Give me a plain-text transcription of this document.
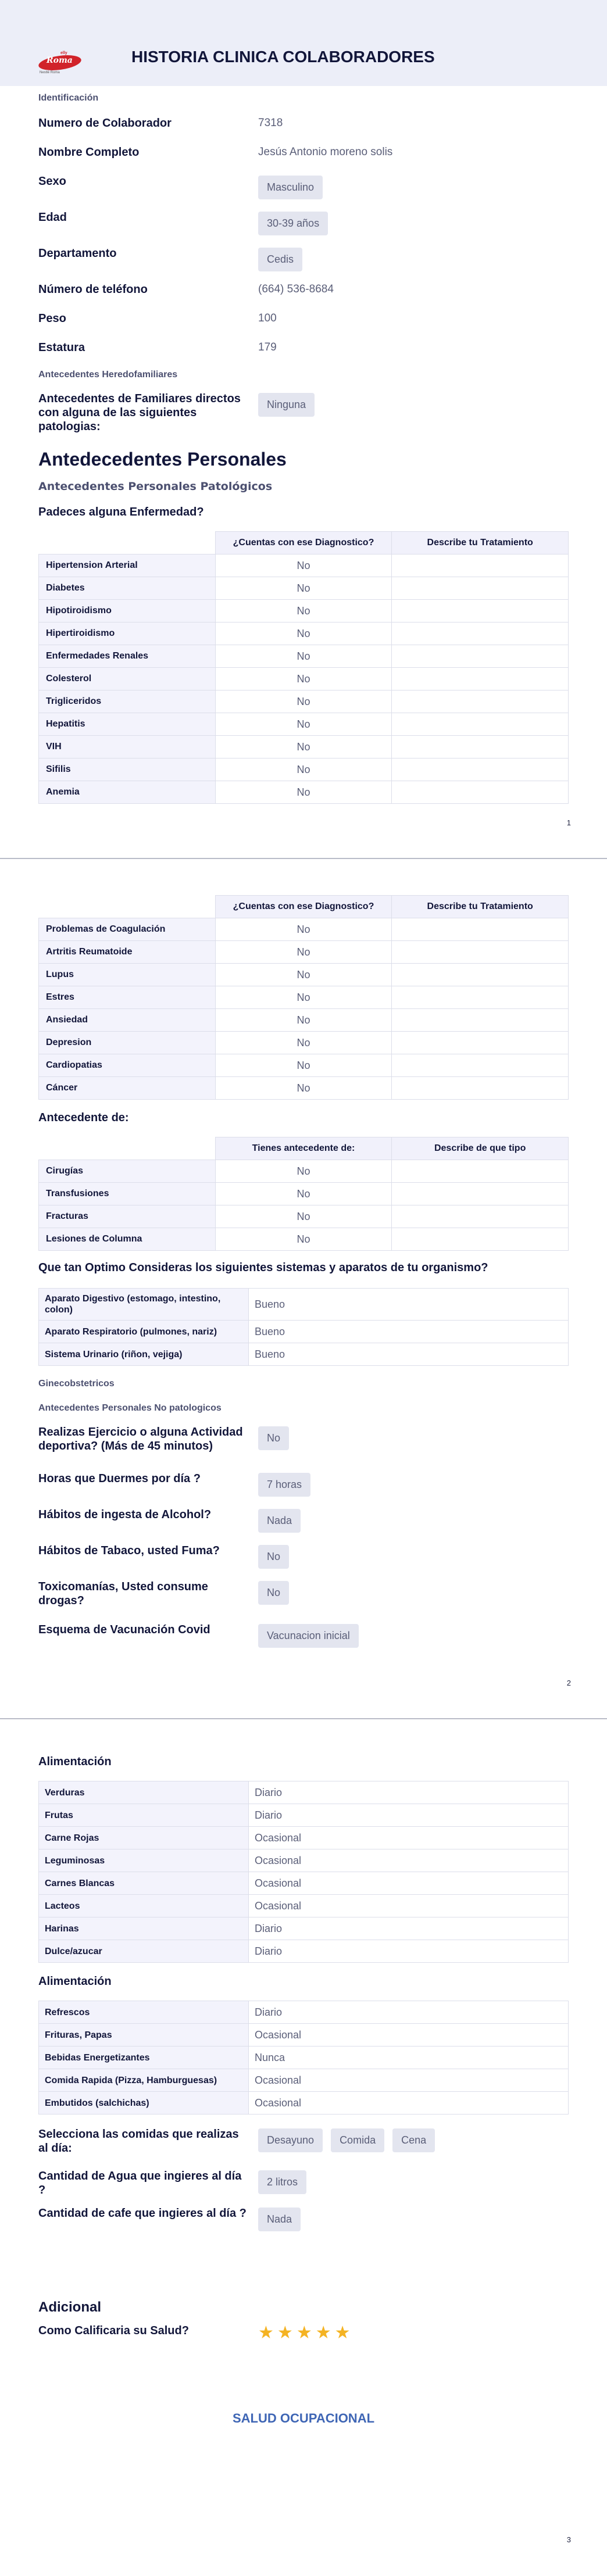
elly
Roma
Nestlé Roma
HISTORIA CLINICA COLABORADORES
Identificación
Numero de Colaborador	7318
Nombre Completo	Jesús Antonio moreno solis
Sexo	Masculino
Edad	30-39 años
Departamento	Cedis
Número de teléfono	(664) 536-8684
Peso	100
Estatura	179
Antecedentes Heredofamiliares
Antecedentes de Familiares directos con alguna de las siguientes patologias:
Ninguna
Antedecedentes Personales
Antecedentes Personales Patológicos
Padeces alguna Enfermedad?
	¿Cuentas con ese Diagnostico?	Describe tu Tratamiento
Hipertension Arterial	No	
Diabetes	No	
Hipotiroidismo	No	
Hipertiroidismo	No	
Enfermedades Renales	No	
Colesterol	No	
Trigliceridos	No	
Hepatitis	No	
VIH	No	
Sifilis	No	
Anemia	No	
1
	¿Cuentas con ese Diagnostico?	Describe tu Tratamiento
Problemas de Coagulación	No	
Artritis Reumatoide	No	
Lupus	No	
Estres	No	
Ansiedad	No	
Depresion	No	
Cardiopatias	No	
Cáncer	No	
Antecedente de:
	Tienes antecedente de:	Describe de que tipo
Cirugías	No	
Transfusiones	No	
Fracturas	No	
Lesiones de Columna	No	
Que tan Optimo Consideras los siguientes sistemas y aparatos de tu organismo?
Aparato Digestivo (estomago, intestino, colon)	Bueno
Aparato Respiratorio (pulmones, nariz)	Bueno
Sistema Urinario (riñon, vejiga)	Bueno
Ginecobstetricos
Antecedentes Personales No patologicos
Realizas Ejercicio o alguna Actividad deportiva? (Más de 45 minutos)
No
Horas que Duermes por día ?	7 horas
Hábitos de ingesta de Alcohol?	Nada
Hábitos de Tabaco, usted Fuma?	No
Toxicomanías, Usted consume drogas?
No
Esquema de Vacunación Covid	Vacunacion inicial
2
Alimentación
Verduras	Diario
Frutas	Diario
Carne Rojas	Ocasional
Leguminosas	Ocasional
Carnes Blancas	Ocasional
Lacteos	Ocasional
Harinas	Diario
Dulce/azucar	Diario
Alimentación
Refrescos	Diario
Frituras, Papas	Ocasional
Bebidas Energetizantes	Nunca
Comida Rapida (Pizza, Hamburguesas)	Ocasional
Embutidos (salchichas)	Ocasional
Selecciona las comidas que realizas al día:
Desayuno Comida Cena
Cantidad de Agua que ingieres al día ?
2 litros
Cantidad de cafe que ingieres al día ?	Nada
Adicional
Como Calificaria su Salud?	★ ★ ★ ★ ★
SALUD OCUPACIONAL
3
